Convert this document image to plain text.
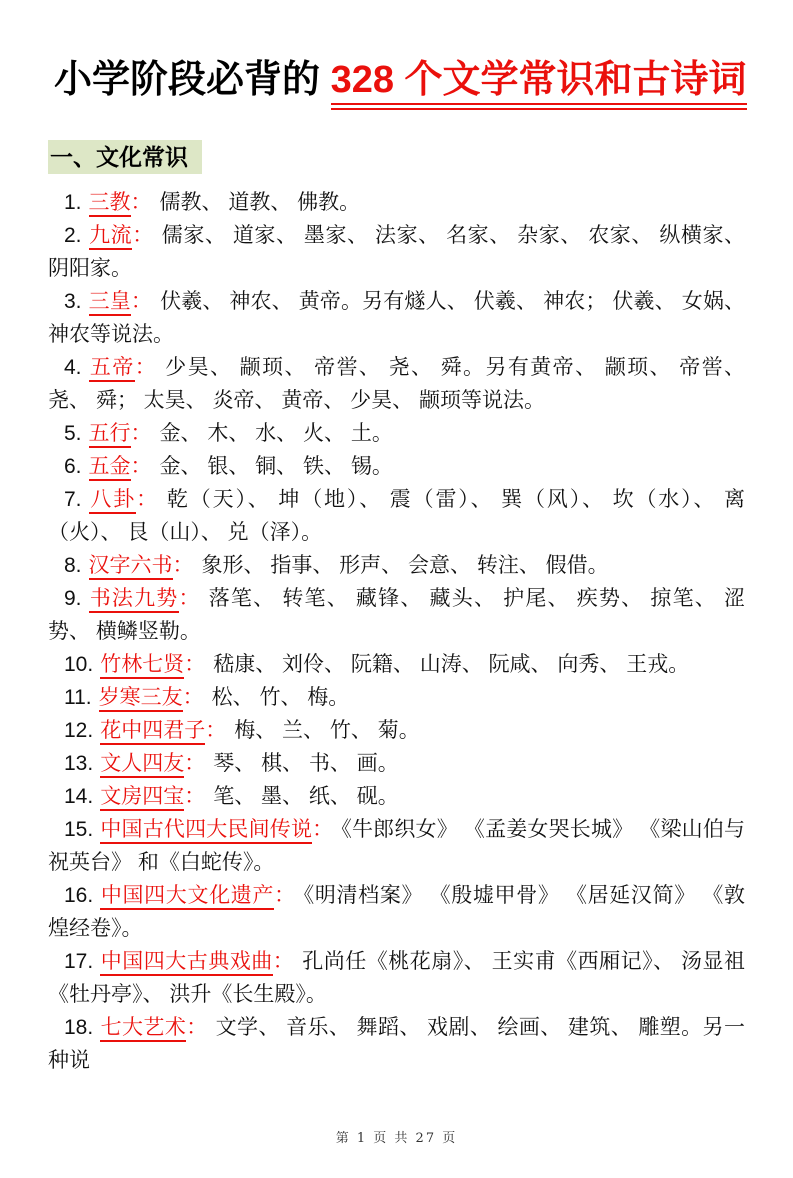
小学阶段必背的 328 个文学常识和古诗词
一、文化常识

1. 三教： 儒教、 道教、 佛教。

2. 九流： 儒家、 道家、 墨家、 法家、 名家、 杂家、 农家、 纵横家、 阴阳家。

3. 三皇： 伏羲、 神农、 黄帝。另有燧人、 伏羲、 神农； 伏羲、 女娲、 神农等说法。

4. 五帝： 少昊、 颛顼、 帝喾、 尧、 舜。另有黄帝、 颛顼、 帝喾、 尧、 舜； 太昊、 炎帝、 黄帝、 少昊、 颛顼等说法。

5. 五行： 金、 木、 水、 火、 土。

6. 五金： 金、 银、 铜、 铁、 锡。

7. 八卦： 乾（天）、 坤（地）、 震（雷）、 巽（风）、 坎（水）、 离（火）、 艮（山）、 兑（泽）。

8. 汉字六书： 象形、 指事、 形声、 会意、 转注、 假借。

9. 书法九势： 落笔、 转笔、 藏锋、 藏头、 护尾、 疾势、 掠笔、 涩势、 横鳞竖勒。

10. 竹林七贤： 嵇康、 刘伶、 阮籍、 山涛、 阮咸、 向秀、 王戎。

11. 岁寒三友： 松、 竹、 梅。

12. 花中四君子： 梅、 兰、 竹、 菊。

13. 文人四友： 琴、 棋、 书、 画。

14. 文房四宝： 笔、 墨、 纸、 砚。

15. 中国古代四大民间传说： 《牛郎织女》 《孟姜女哭长城》 《梁山伯与祝英台》 和《白蛇传》。

16. 中国四大文化遗产： 《明清档案》 《殷墟甲骨》 《居延汉简》 《敦煌经卷》。

17. 中国四大古典戏曲： 孔尚任《桃花扇》、 王实甫《西厢记》、 汤显祖《牡丹亭》、 洪升《长生殿》。

18. 七大艺术： 文学、 音乐、 舞蹈、 戏剧、 绘画、 建筑、 雕塑。另一种说

第 1 页 共 27 页
